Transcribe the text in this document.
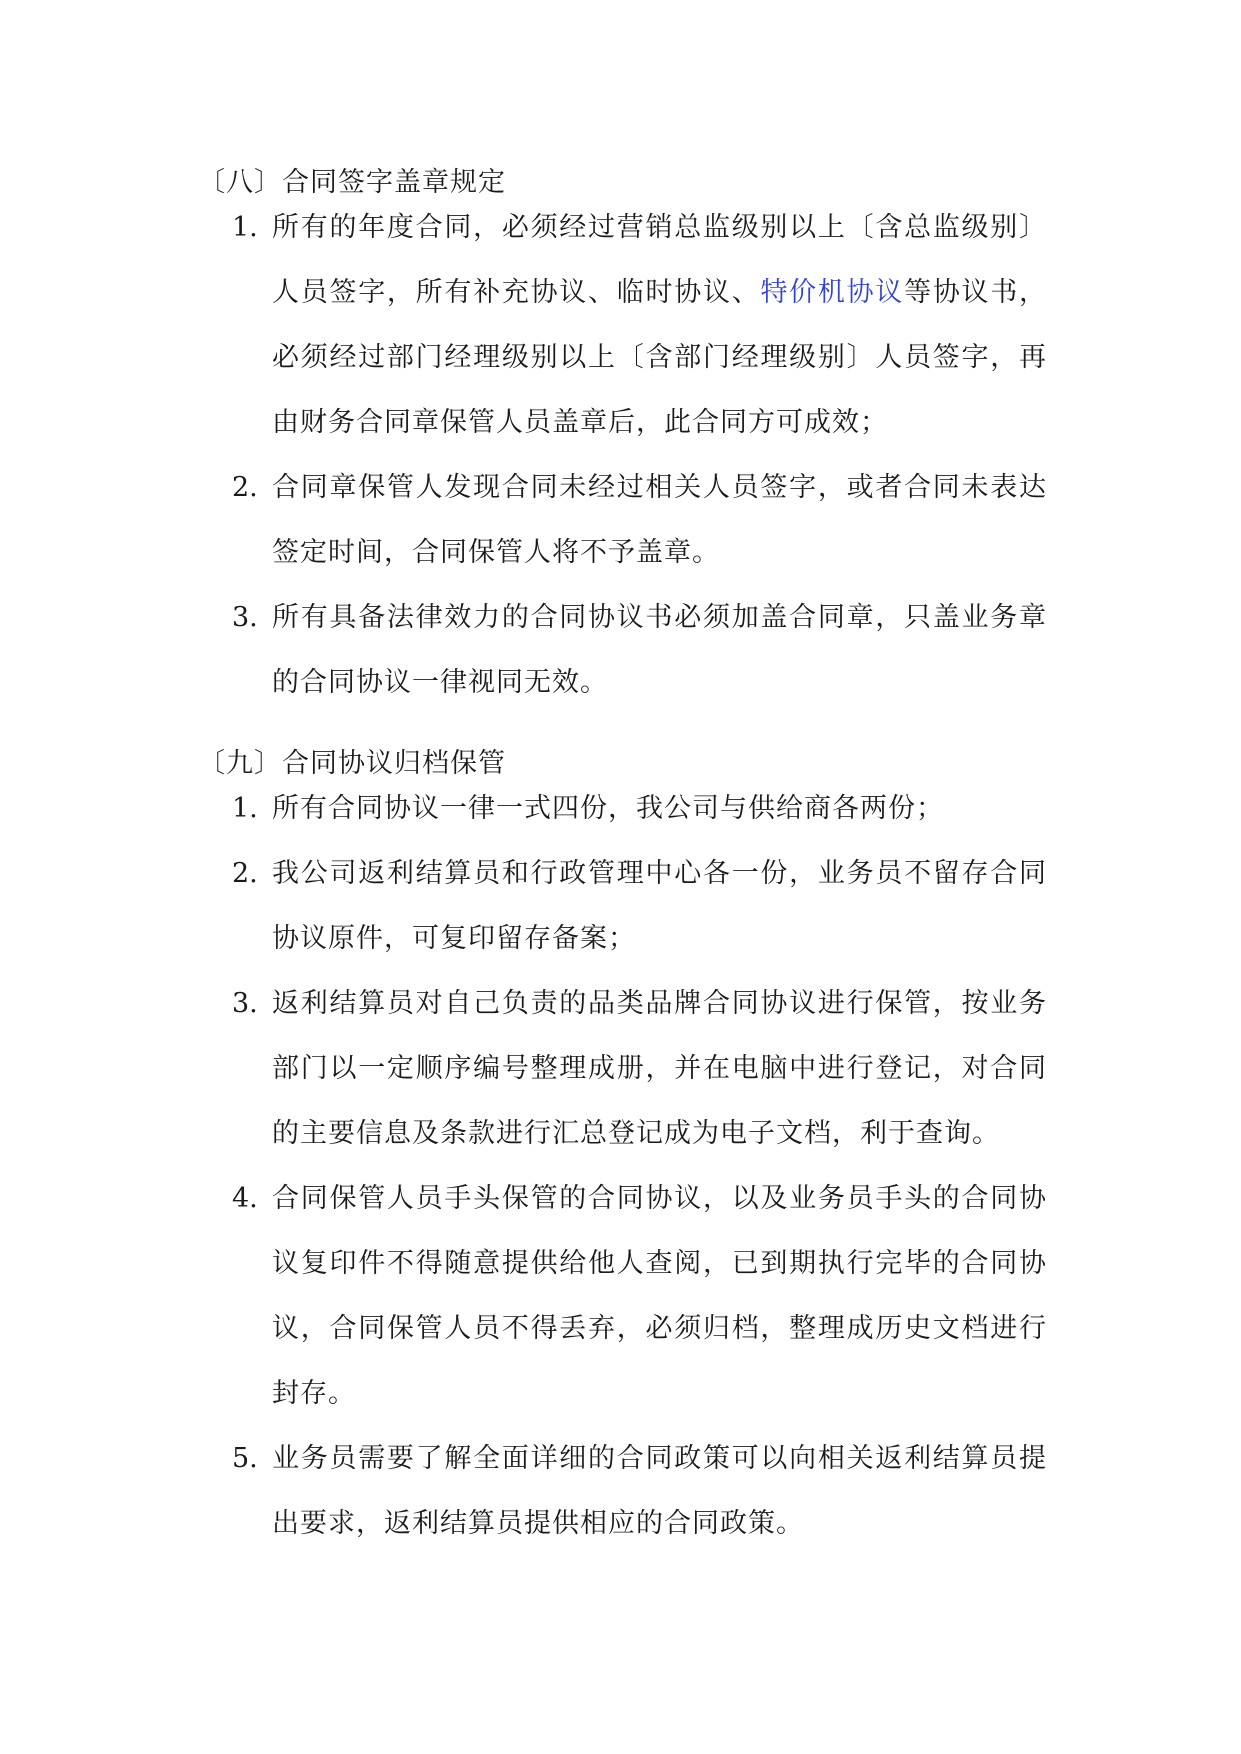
〔八〕合同签字盖章规定
1. 所有的年度合同，必须经过营销总监级别以上〔含总监级别〕人员签字，所有补充协议、临时协议、特价机协议等协议书，必须经过部门经理级别以上〔含部门经理级别〕人员签字，再由财务合同章保管人员盖章后，此合同方可成效；
2. 合同章保管人发现合同未经过相关人员签字，或者合同未表达签定时间，合同保管人将不予盖章。
3. 所有具备法律效力的合同协议书必须加盖合同章，只盖业务章的合同协议一律视同无效。
〔九〕合同协议归档保管
1. 所有合同协议一律一式四份，我公司与供给商各两份；
2. 我公司返利结算员和行政管理中心各一份，业务员不留存合同协议原件，可复印留存备案；
3. 返利结算员对自己负责的品类品牌合同协议进行保管，按业务部门以一定顺序编号整理成册，并在电脑中进行登记，对合同的主要信息及条款进行汇总登记成为电子文档，利于查询。
4. 合同保管人员手头保管的合同协议，以及业务员手头的合同协议复印件不得随意提供给他人查阅，已到期执行完毕的合同协议，合同保管人员不得丢弃，必须归档，整理成历史文档进行封存。
5. 业务员需要了解全面详细的合同政策可以向相关返利结算员提出要求，返利结算员提供相应的合同政策。
